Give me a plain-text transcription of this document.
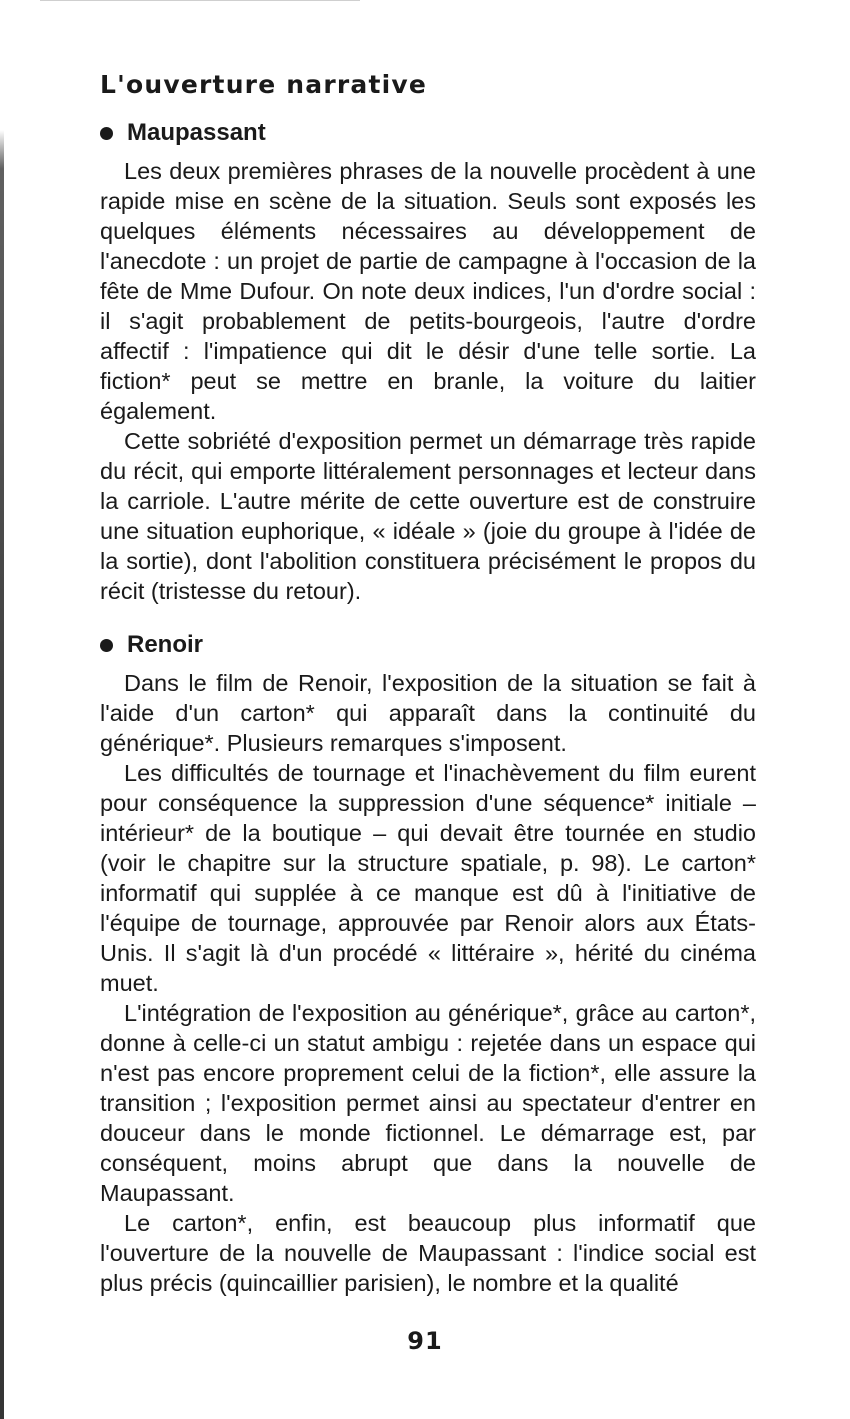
L'ouverture narrative
Maupassant

Les deux premières phrases de la nouvelle procèdent à une rapide mise en scène de la situation. Seuls sont exposés les quelques éléments nécessaires au développement de l'anecdote : un projet de partie de campagne à l'occasion de la fête de Mme Dufour. On note deux indices, l'un d'ordre social : il s'agit probablement de petits-bourgeois, l'autre d'ordre affectif : l'impatience qui dit le désir d'une telle sortie. La fiction* peut se mettre en branle, la voiture du laitier également.

Cette sobriété d'exposition permet un démarrage très rapide du récit, qui emporte littéralement personnages et lecteur dans la carriole. L'autre mérite de cette ouverture est de construire une situation euphorique, « idéale » (joie du groupe à l'idée de la sortie), dont l'abolition constituera précisément le propos du récit (tristesse du retour).

Renoir

Dans le film de Renoir, l'exposition de la situation se fait à l'aide d'un carton* qui apparaît dans la continuité du générique*. Plusieurs remarques s'imposent.

Les difficultés de tournage et l'inachèvement du film eurent pour conséquence la suppression d'une séquence* initiale – intérieur* de la boutique – qui devait être tournée en studio (voir le chapitre sur la structure spatiale, p. 98). Le carton* informatif qui supplée à ce manque est dû à l'initiative de l'équipe de tournage, approuvée par Renoir alors aux États-Unis. Il s'agit là d'un procédé « littéraire », hérité du cinéma muet.

L'intégration de l'exposition au générique*, grâce au carton*, donne à celle-ci un statut ambigu : rejetée dans un espace qui n'est pas encore proprement celui de la fiction*, elle assure la transition ; l'exposition permet ainsi au spectateur d'entrer en douceur dans le monde fictionnel. Le démarrage est, par conséquent, moins abrupt que dans la nouvelle de Maupassant.

Le carton*, enfin, est beaucoup plus informatif que l'ouverture de la nouvelle de Maupassant : l'indice social est plus précis (quincaillier parisien), le nombre et la qualité

91
